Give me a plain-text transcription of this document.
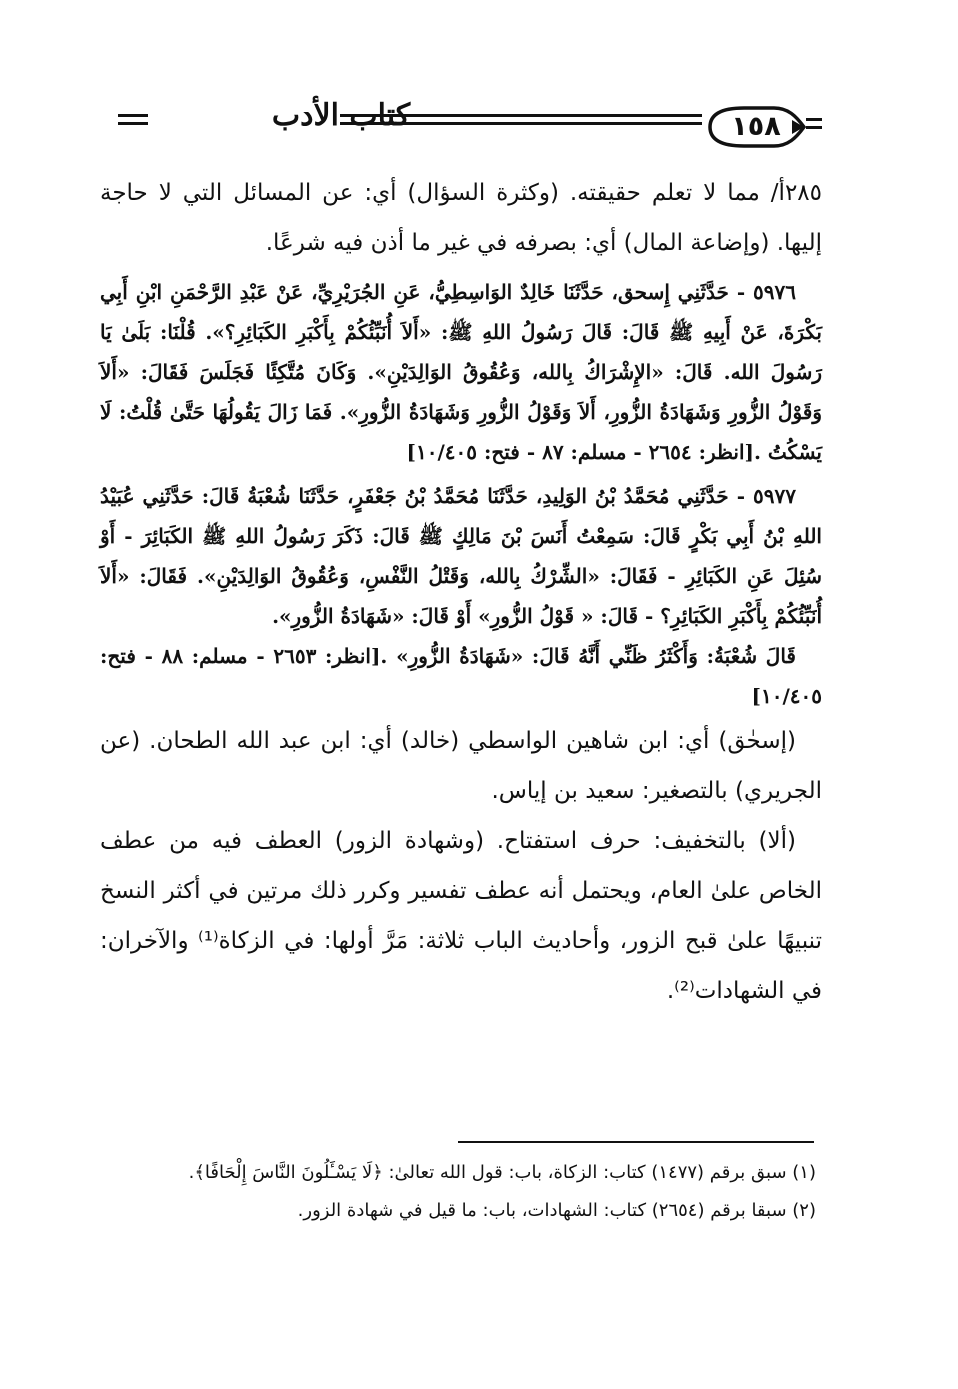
كتاب الأدب	١٥٨

٢٨٥أ/ مما لا تعلم حقيقته. (وكثرة السؤال) أي: عن المسائل التي لا حاجة إليها. (وإضاعة المال) أي: بصرفه في غير ما أذن فيه شرعًا.

٥٩٧٦ - حَدَّثَنِي إِسحق، حَدَّثَنَا خَالِدٌ الوَاسِطِيُّ، عَنِ الجُرَيْرِيِّ، عَنْ عَبْدِ الرَّحْمَنِ ابْنِ أَبِي بَكْرَةَ، عَنْ أَبِيهِ ﷺ قَالَ: قَالَ رَسُولُ اللهِ ﷺ: «أَلاَ أُنَبِّئُكُمْ بِأَكْبَرِ الكَبَائِرِ؟». قُلْنَا: بَلَىٰ يَا رَسُولَ الله. قَالَ: «الإِشْرَاكُ بِالله، وَعُقُوقُ الوَالِدَيْنِ». وَكَانَ مُتَّكِئًا فَجَلَسَ فَقَالَ: «أَلاَ وَقَوْلُ الزُّورِ وَشَهَادَةُ الزُّورِ، أَلاَ وَقَوْلُ الزُّورِ وَشَهَادَةُ الزُّورِ». فَمَا زَالَ يَقُولُهَا حَتَّىٰ قُلْتُ: لَا يَسْكُتُ .[انظر: ٢٦٥٤ - مسلم: ٨٧ - فتح: ١٠/٤٠٥]

٥٩٧٧ - حَدَّثَنِي مُحَمَّدُ بْنُ الوَلِيدِ، حَدَّثَنَا مُحَمَّدُ بْنُ جَعْفَرٍ، حَدَّثَنَا شُعْبَةُ قَالَ: حَدَّثَنِي عُبَيْدُ اللهِ بْنُ أَبِي بَكْرٍ قَالَ: سَمِعْتُ أَنَسَ بْنَ مَالِكٍ ﷺ قَالَ: ذَكَرَ رَسُولُ اللهِ ﷺ الكَبَائِرَ - أَوْ سُئِلَ عَنِ الكَبَائِرِ - فَقَالَ: «الشِّرْكُ بِالله، وَقَتْلُ النَّفْسِ، وَعُقُوقُ الوَالِدَيْنِ». فَقَالَ: «أَلاَ أُنَبِّئُكُمْ بِأَكْبَرِ الكَبَائِرِ؟ - قَالَ: « قَوْلُ الزُّورِ» أَوْ قَالَ: «شَهَادَةُ الزُّورِ».

قَالَ شُعْبَةُ: وَأَكْثَرُ ظَنِّي أَنَّهُ قَالَ: «شَهَادَةُ الزُّورِ» .[انظر: ٢٦٥٣ - مسلم: ٨٨ - فتح: ١٠/٤٠٥]

(إسحٰق) أي: ابن شاهين الواسطي (خالد) أي: ابن عبد الله الطحان. (عن الجريري) بالتصغير: سعيد بن إياس.

(ألا) بالتخفيف: حرف استفتاح. (وشهادة الزور) العطف فيه من عطف الخاص علىٰ العام، ويحتمل أنه عطف تفسير وكرر ذلك مرتين في أكثر النسخ تنبيهًا علىٰ قبح الزور، وأحاديث الباب ثلاثة: مَرَّ أولها: في الزكاة⁽¹⁾ والآخران: في الشهادات⁽²⁾.

(١) سبق برقم (١٤٧٧) كتاب: الزكاة، باب: قول الله تعالىٰ: ﴿لَا يَسْـَٔلُونَ النَّاسَ إِلْحَافًا﴾.

(٢) سبقا برقم (٢٦٥٤) كتاب: الشهادات، باب: ما قيل في شهادة الزور.
